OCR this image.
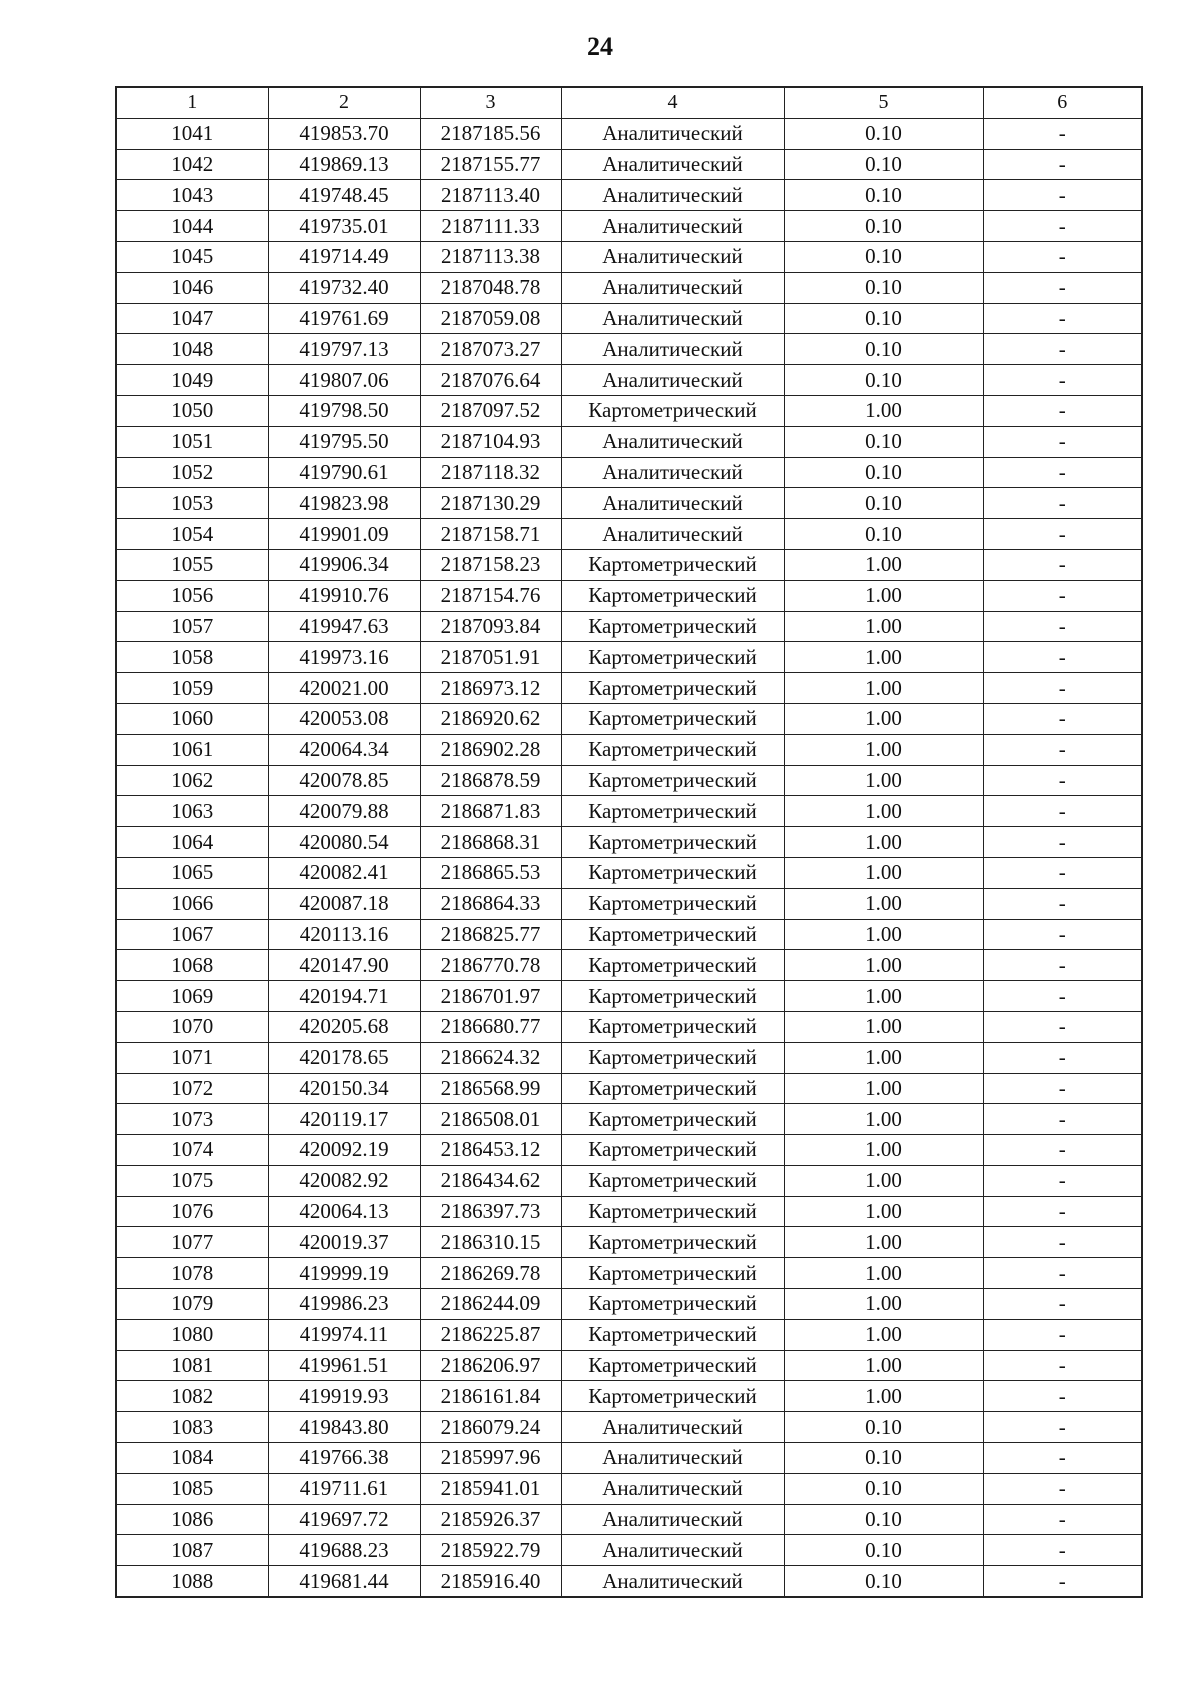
24
1	2	3	4	5	6
1041	419853.70	2187185.56	Аналитический	0.10	-
1042	419869.13	2187155.77	Аналитический	0.10	-
1043	419748.45	2187113.40	Аналитический	0.10	-
1044	419735.01	2187111.33	Аналитический	0.10	-
1045	419714.49	2187113.38	Аналитический	0.10	-
1046	419732.40	2187048.78	Аналитический	0.10	-
1047	419761.69	2187059.08	Аналитический	0.10	-
1048	419797.13	2187073.27	Аналитический	0.10	-
1049	419807.06	2187076.64	Аналитический	0.10	-
1050	419798.50	2187097.52	Картометрический	1.00	-
1051	419795.50	2187104.93	Аналитический	0.10	-
1052	419790.61	2187118.32	Аналитический	0.10	-
1053	419823.98	2187130.29	Аналитический	0.10	-
1054	419901.09	2187158.71	Аналитический	0.10	-
1055	419906.34	2187158.23	Картометрический	1.00	-
1056	419910.76	2187154.76	Картометрический	1.00	-
1057	419947.63	2187093.84	Картометрический	1.00	-
1058	419973.16	2187051.91	Картометрический	1.00	-
1059	420021.00	2186973.12	Картометрический	1.00	-
1060	420053.08	2186920.62	Картометрический	1.00	-
1061	420064.34	2186902.28	Картометрический	1.00	-
1062	420078.85	2186878.59	Картометрический	1.00	-
1063	420079.88	2186871.83	Картометрический	1.00	-
1064	420080.54	2186868.31	Картометрический	1.00	-
1065	420082.41	2186865.53	Картометрический	1.00	-
1066	420087.18	2186864.33	Картометрический	1.00	-
1067	420113.16	2186825.77	Картометрический	1.00	-
1068	420147.90	2186770.78	Картометрический	1.00	-
1069	420194.71	2186701.97	Картометрический	1.00	-
1070	420205.68	2186680.77	Картометрический	1.00	-
1071	420178.65	2186624.32	Картометрический	1.00	-
1072	420150.34	2186568.99	Картометрический	1.00	-
1073	420119.17	2186508.01	Картометрический	1.00	-
1074	420092.19	2186453.12	Картометрический	1.00	-
1075	420082.92	2186434.62	Картометрический	1.00	-
1076	420064.13	2186397.73	Картометрический	1.00	-
1077	420019.37	2186310.15	Картометрический	1.00	-
1078	419999.19	2186269.78	Картометрический	1.00	-
1079	419986.23	2186244.09	Картометрический	1.00	-
1080	419974.11	2186225.87	Картометрический	1.00	-
1081	419961.51	2186206.97	Картометрический	1.00	-
1082	419919.93	2186161.84	Картометрический	1.00	-
1083	419843.80	2186079.24	Аналитический	0.10	-
1084	419766.38	2185997.96	Аналитический	0.10	-
1085	419711.61	2185941.01	Аналитический	0.10	-
1086	419697.72	2185926.37	Аналитический	0.10	-
1087	419688.23	2185922.79	Аналитический	0.10	-
1088	419681.44	2185916.40	Аналитический	0.10	-
